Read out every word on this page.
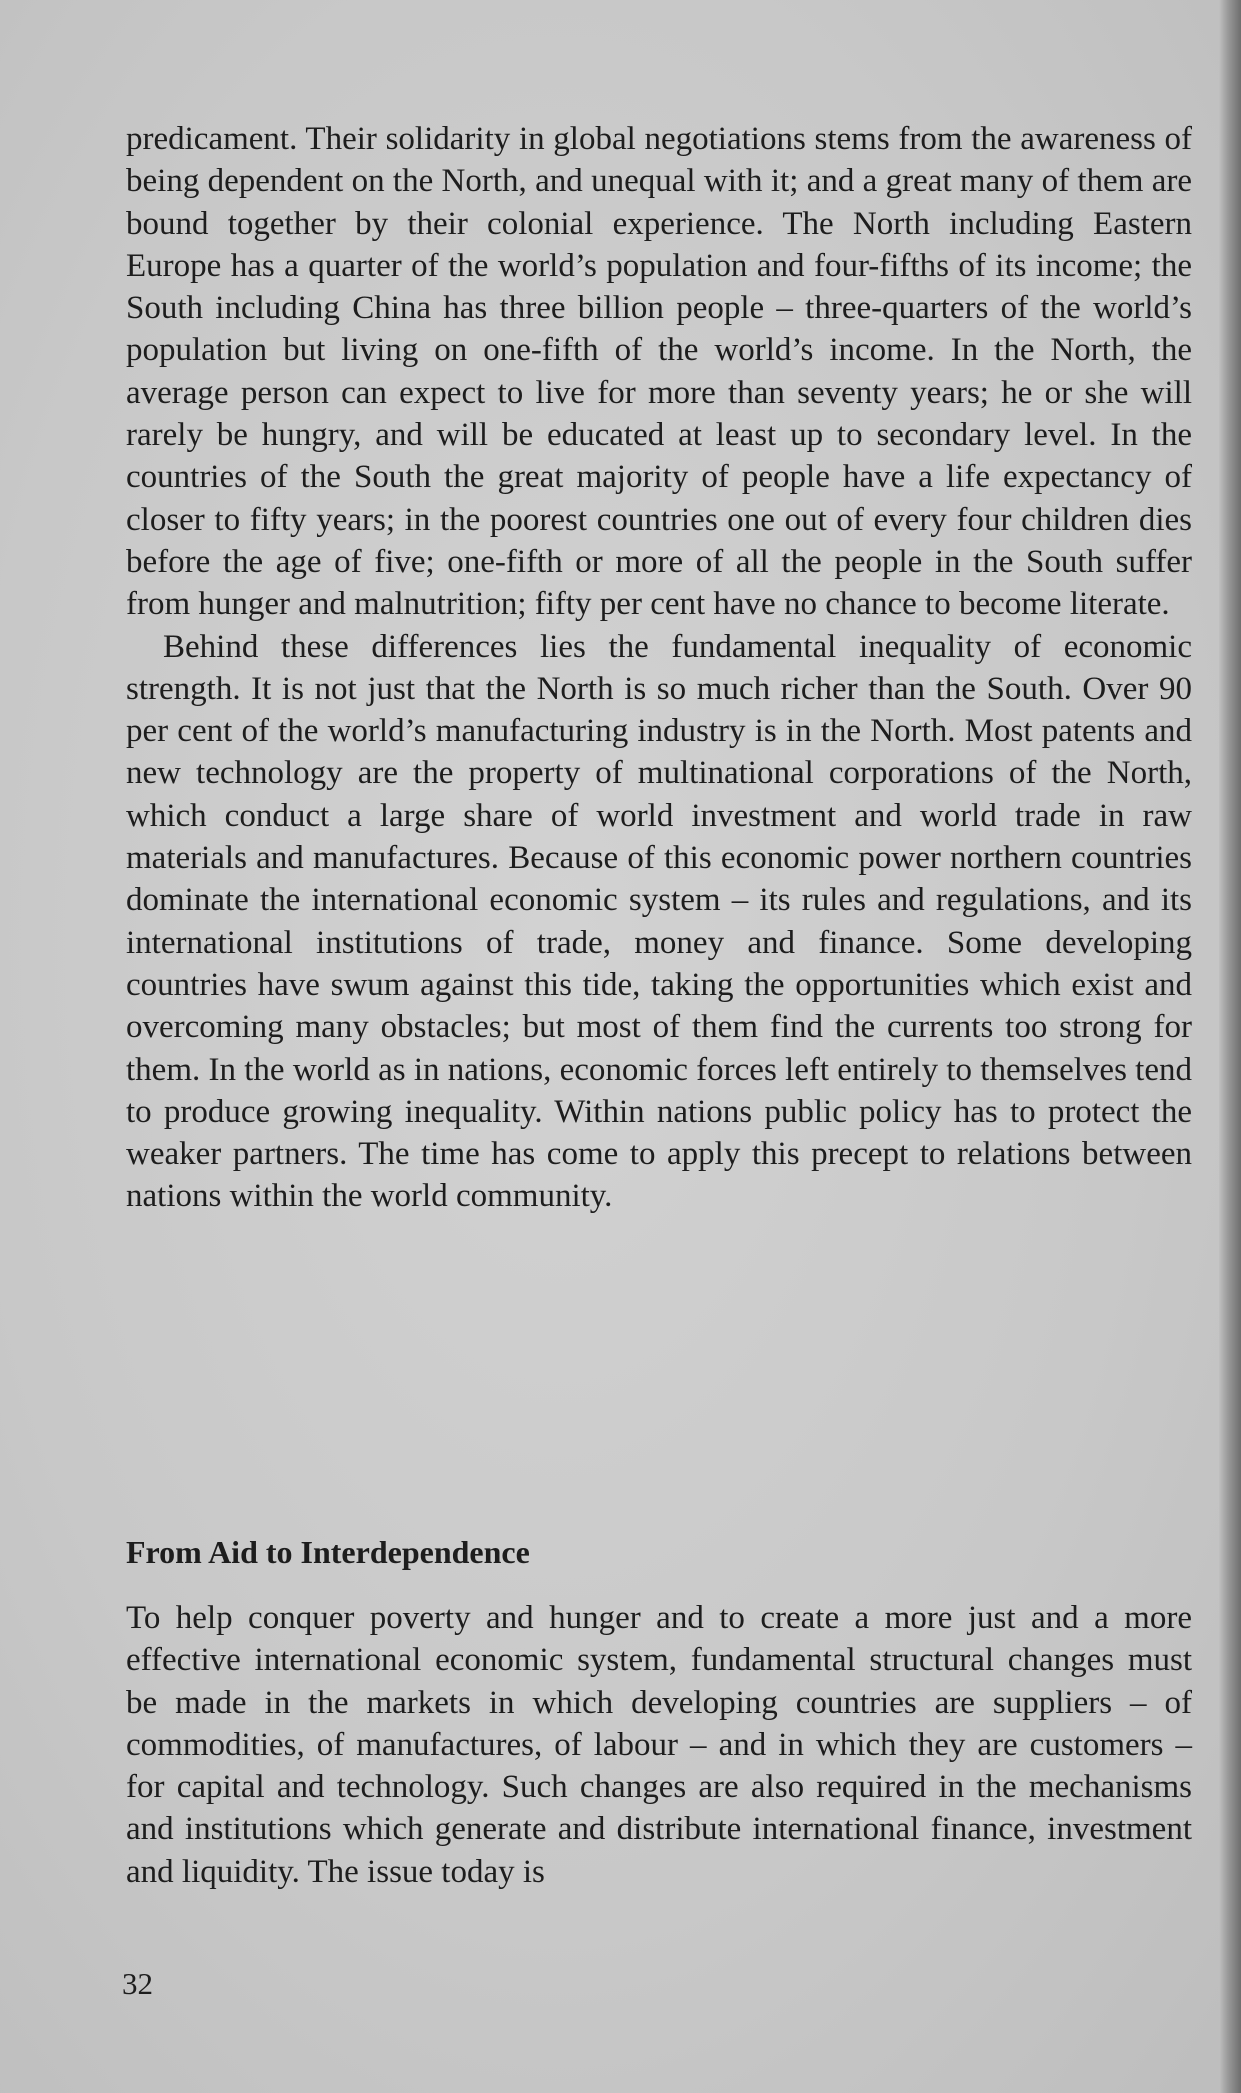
predicament. Their solidarity in global negotiations stems from the awareness of being dependent on the North, and unequal with it; and a great many of them are bound together by their colonial experience. The North including Eastern Europe has a quarter of the world’s population and four-fifths of its income; the South including China has three billion people – three-quarters of the world’s population but living on one-fifth of the world’s income. In the North, the average person can expect to live for more than seventy years; he or she will rarely be hungry, and will be educated at least up to secondary level. In the countries of the South the great majority of people have a life expectancy of closer to fifty years; in the poorest countries one out of every four children dies before the age of five; one-fifth or more of all the people in the South suffer from hunger and malnutrition; fifty per cent have no chance to become literate.

Behind these differences lies the fundamental inequality of economic strength. It is not just that the North is so much richer than the South. Over 90 per cent of the world’s manufacturing industry is in the North. Most patents and new technology are the property of multinational corporations of the North, which conduct a large share of world investment and world trade in raw materials and manufactures. Because of this economic power northern countries dominate the international economic system – its rules and regulations, and its international institutions of trade, money and finance. Some developing countries have swum against this tide, taking the opportunities which exist and overcoming many obstacles; but most of them find the currents too strong for them. In the world as in nations, economic forces left entirely to themselves tend to produce growing inequality. Within nations public policy has to protect the weaker partners. The time has come to apply this precept to relations between nations within the world community.

From Aid to Interdependence

To help conquer poverty and hunger and to create a more just and a more effective international economic system, fundamental structural changes must be made in the markets in which developing countries are suppliers – of commodities, of manufactures, of labour – and in which they are customers – for capital and technology. Such changes are also required in the mechanisms and institutions which generate and distribute international finance, investment and liquidity. The issue today is

32
